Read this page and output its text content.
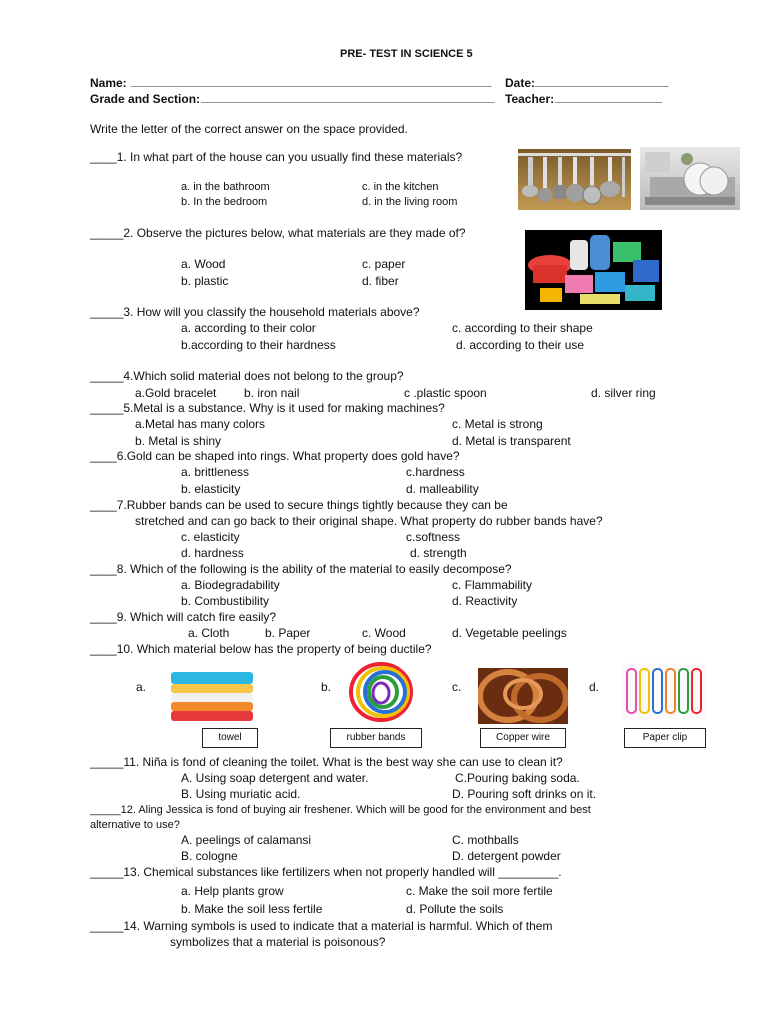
PRE- TEST IN SCIENCE 5
Name: ______________________________________________________ Date: ____________________
Grade and Section: ____________________________________________ Teacher: ________________
Write the letter of the correct answer on the space provided.
____1. In what part of the house can you usually find these materials?
a. in the bathroom
b. In the bedroom
c. in the kitchen
d. in the living room
_____2. Observe the pictures below, what materials are they made of?
a. Wood
b. plastic
c. paper
d. fiber
_____3. How will you classify the household materials above?
a. according to their color
b.according to their hardness
c. according to their shape
d. according to their use
_____4.Which solid material does not belong to the group?
a.Gold bracelet b. iron nail	c .plastic spoon	d. silver ring
_____5.Metal is a substance. Why is it used for making machines?
a.Metal has many colors
b. Metal is shiny
c. Metal is strong
d. Metal is transparent
____6.Gold can be shaped into rings. What property does gold have?
a. brittleness
b. elasticity
c.hardness
d. malleability
____7.Rubber bands can be used to secure things tightly because they can be
stretched and can go back to their original shape. What property do rubber bands have?
c. elasticity
d. hardness
c.softness
d. strength
____8. Which of the following is the ability of the material to easily decompose?
a. Biodegradability
b. Combustibility
c. Flammability
d. Reactivity
____9. Which will catch fire easily?
a. Cloth	b. Paper	c. Wood	d. Vegetable peelings
____10. Which material below has the property of being ductile?
a.
towel
b.
rubber bands
c.
Copper wire
d.
Paper clip
_____11. Niña is fond of cleaning the toilet. What is the best way she can use to clean it?
A. Using soap detergent and water.
B. Using muriatic acid.
C.Pouring baking soda.
D. Pouring soft drinks on it.
_____12. Aling Jessica is fond of buying air freshener. Which will be good for the environment and best
alternative to use?
A. peelings of calamansi
B. cologne
C. mothballs
D. detergent powder
_____13. Chemical substances like fertilizers when not properly handled will _________.
a. Help plants grow
b. Make the soil less fertile
c. Make the soil more fertile
d. Pollute the soils
_____14. Warning symbols is used to indicate that a material is harmful. Which of them
symbolizes that a material is poisonous?
